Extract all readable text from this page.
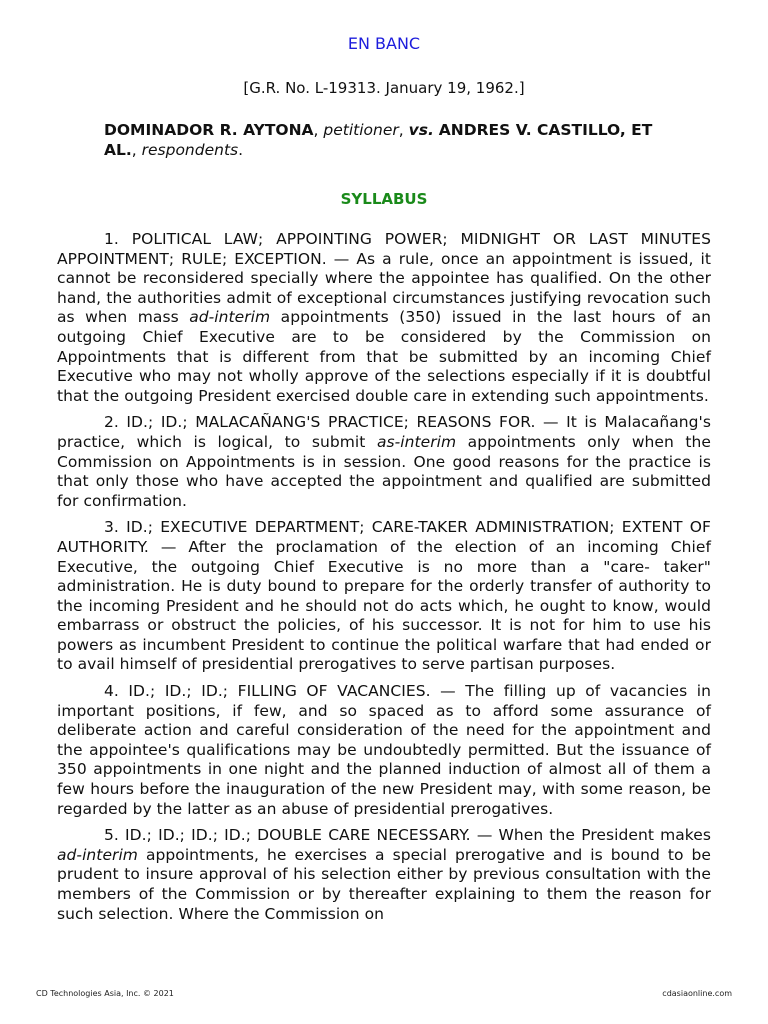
EN BANC
[G.R. No. L-19313. January 19, 1962.]
DOMINADOR R. AYTONA, petitioner, vs. ANDRES V. CASTILLO, ET AL., respondents.
SYLLABUS

1. POLITICAL LAW; APPOINTING POWER; MIDNIGHT OR LAST MINUTES APPOINTMENT; RULE; EXCEPTION. — As a rule, once an appointment is issued, it cannot be reconsidered specially where the appointee has qualified. On the other hand, the authorities admit of exceptional circumstances justifying revocation such as when mass ad-interim appointments (350) issued in the last hours of an outgoing Chief Executive are to be considered by the Commission on Appointments that is different from that be submitted by an incoming Chief Executive who may not wholly approve of the selections especially if it is doubtful that the outgoing President exercised double care in extending such appointments.

2. ID.; ID.; MALACAÑANG'S PRACTICE; REASONS FOR. — It is Malacañang's practice, which is logical, to submit as-interim appointments only when the Commission on Appointments is in session. One good reasons for the practice is that only those who have accepted the appointment and qualified are submitted for confirmation.

3. ID.; EXECUTIVE DEPARTMENT; CARE-TAKER ADMINISTRATION; EXTENT OF AUTHORITY. — After the proclamation of the election of an incoming Chief Executive, the outgoing Chief Executive is no more than a "care- taker" administration. He is duty bound to prepare for the orderly transfer of authority to the incoming President and he should not do acts which, he ought to know, would embarrass or obstruct the policies, of his successor. It is not for him to use his powers as incumbent President to continue the political warfare that had ended or to avail himself of presidential prerogatives to serve partisan purposes.

4. ID.; ID.; ID.; FILLING OF VACANCIES. — The filling up of vacancies in important positions, if few, and so spaced as to afford some assurance of deliberate action and careful consideration of the need for the appointment and the appointee's qualifications may be undoubtedly permitted. But the issuance of 350 appointments in one night and the planned induction of almost all of them a few hours before the inauguration of the new President may, with some reason, be regarded by the latter as an abuse of presidential prerogatives.

5. ID.; ID.; ID.; ID.; DOUBLE CARE NECESSARY. — When the President makes ad-interim appointments, he exercises a special prerogative and is bound to be prudent to insure approval of his selection either by previous consultation with the members of the Commission or by thereafter explaining to them the reason for such selection. Where the Commission on

CD Technologies Asia, Inc. © 2021	cdasiaonline.com
